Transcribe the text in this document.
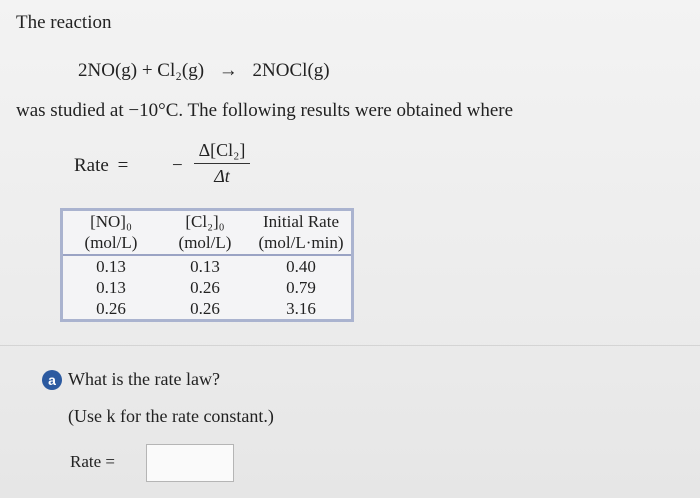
The reaction
2NO(g) + Cl₂(g) → 2NOCl(g)
was studied at −10°C. The following results were obtained where
Rate = −
Δ[Cl₂]
Δt
[NO]₀	[Cl₂]₀	Initial Rate
(mol/L)	(mol/L)	(mol/L·min)
0.13	0.13	0.40
0.13	0.26	0.79
0.26	0.26	3.16
a What is the rate law?
(Use k for the rate constant.)
Rate =
